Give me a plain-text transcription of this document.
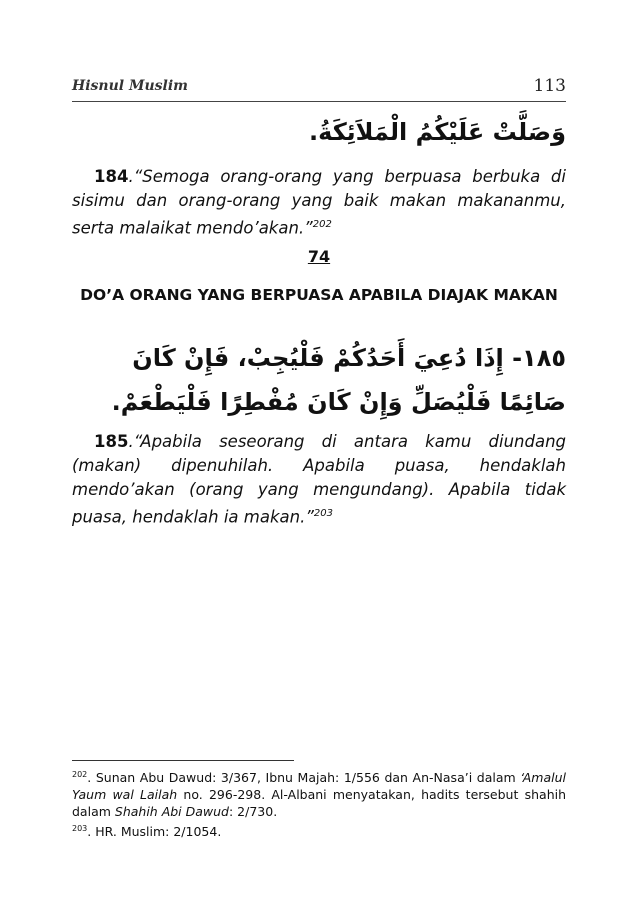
Hisnul Muslim	113
وَصَلَّتْ عَلَيْكُمُ الْمَلاَئِكَةُ.
184.“Semoga orang-orang yang berpuasa berbuka di sisimu dan orang-orang yang baik makan makananmu, serta malaikat mendo’akan.”$^{202}$
74
DO’A ORANG YANG BERPUASA APABILA DIAJAK MAKAN
١٨٥- إِذَا دُعِيَ أَحَدُكُمْ فَلْيُجِبْ، فَإِنْ كَانَ صَائِمًا فَلْيُصَلِّ وَإِنْ كَانَ مُفْطِرًا فَلْيَطْعَمْ.
185.“Apabila seseorang di antara kamu diundang (makan) dipenuhilah. Apabila puasa, hendaklah mendo’akan (orang yang mengundang). Apabila tidak puasa, hendaklah ia makan.”$^{203}$
$^{202}$. Sunan Abu Dawud: 3/367, Ibnu Majah: 1/556 dan An-Nasa’i dalam ‘Amalul Yaum wal Lailah no. 296-298. Al-Albani menyatakan, hadits tersebut shahih dalam Shahih Abi Dawud: 2/730.
$^{203}$. HR. Muslim: 2/1054.
